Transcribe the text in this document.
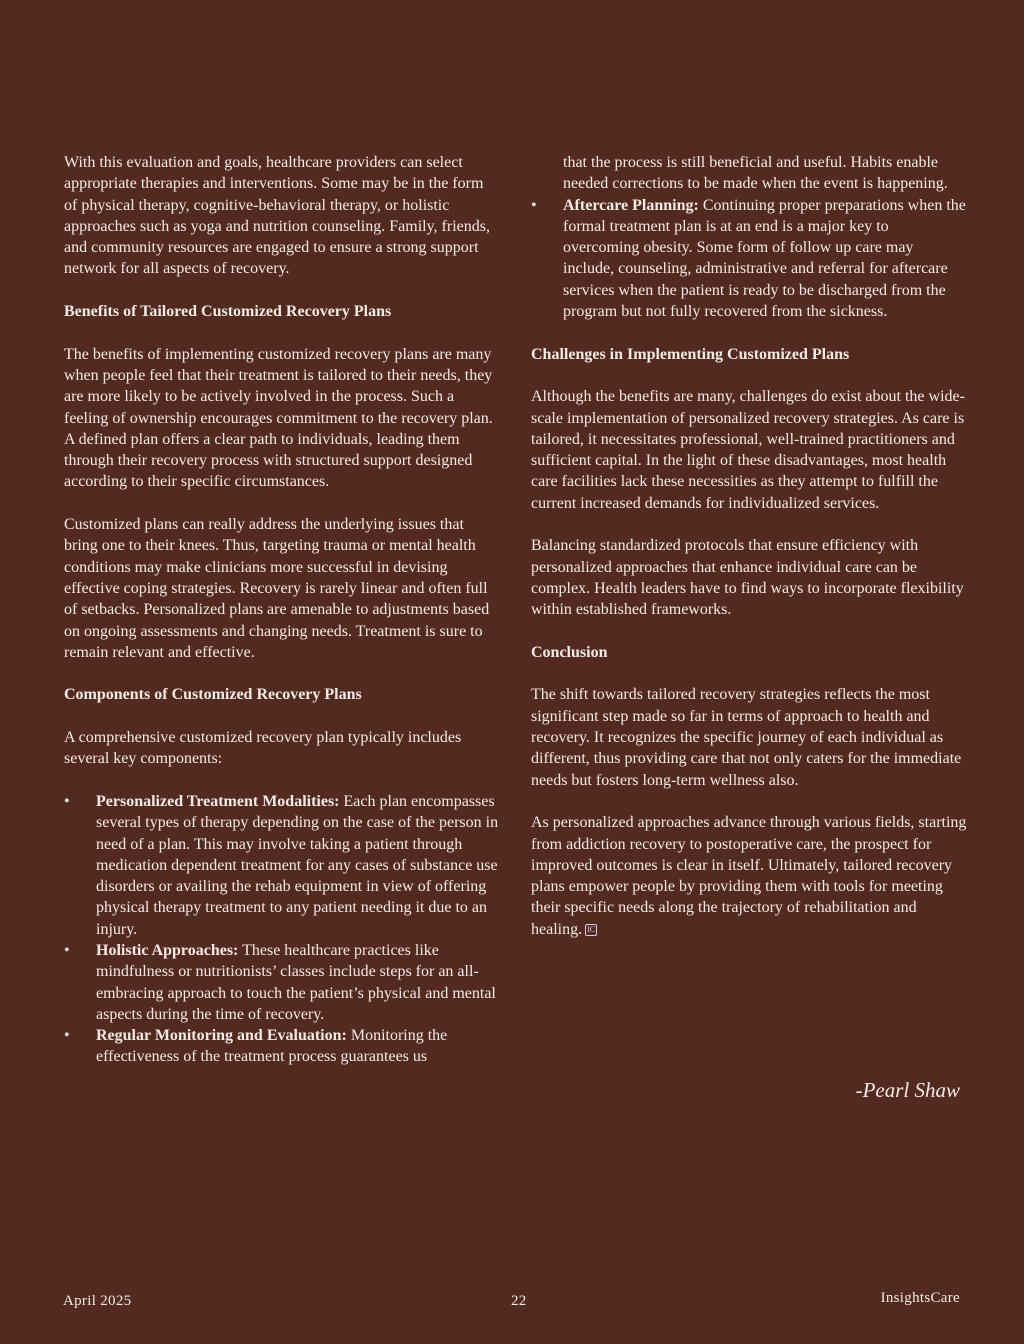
With this evaluation and goals, healthcare providers can select appropriate therapies and interventions. Some may be in the form of physical therapy, cognitive-behavioral therapy, or holistic approaches such as yoga and nutrition counseling. Family, friends, and community resources are engaged to ensure a strong support network for all aspects of recovery.

Benefits of Tailored Customized Recovery Plans

The benefits of implementing customized recovery plans are many when people feel that their treatment is tailored to their needs, they are more likely to be actively involved in the process. Such a feeling of ownership encourages commitment to the recovery plan. A defined plan offers a clear path to individuals, leading them through their recovery process with structured support designed according to their specific circumstances.

Customized plans can really address the underlying issues that bring one to their knees. Thus, targeting trauma or mental health conditions may make clinicians more successful in devising effective coping strategies. Recovery is rarely linear and often full of setbacks. Personalized plans are amenable to adjustments based on ongoing assessments and changing needs. Treatment is sure to remain relevant and effective.

Components of Customized Recovery Plans

A comprehensive customized recovery plan typically includes several key components:

• Personalized Treatment Modalities: Each plan encompasses several types of therapy depending on the case of the person in need of a plan. This may involve taking a patient through medication dependent treatment for any cases of substance use disorders or availing the rehab equipment in view of offering physical therapy treatment to any patient needing it due to an injury.
• Holistic Approaches: These healthcare practices like mindfulness or nutritionists’ classes include steps for an all-embracing approach to touch the patient’s physical and mental aspects during the time of recovery.
• Regular Monitoring and Evaluation: Monitoring the effectiveness of the treatment process guarantees us

that the process is still beneficial and useful. Habits enable needed corrections to be made when the event is happening.

• Aftercare Planning: Continuing proper preparations when the formal treatment plan is at an end is a major key to overcoming obesity. Some form of follow up care may include, counseling, administrative and referral for aftercare services when the patient is ready to be discharged from the program but not fully recovered from the sickness.
Challenges in Implementing Customized Plans

Although the benefits are many, challenges do exist about the wide-scale implementation of personalized recovery strategies. As care is tailored, it necessitates professional, well-trained practitioners and sufficient capital. In the light of these disadvantages, most health care facilities lack these necessities as they attempt to fulfill the current increased demands for individualized services.

Balancing standardized protocols that ensure efficiency with personalized approaches that enhance individual care can be complex. Health leaders have to find ways to incorporate flexibility within established frameworks.

Conclusion

The shift towards tailored recovery strategies reflects the most significant step made so far in terms of approach to health and recovery. It recognizes the specific journey of each individual as different, thus providing care that not only caters for the immediate needs but fosters long-term wellness also.

As personalized approaches advance through various fields, starting from addiction recovery to postoperative care, the prospect for improved outcomes is clear in itself. Ultimately, tailored recovery plans empower people by providing them with tools for meeting their specific needs along the trajectory of rehabilitation and healing. IC

-Pearl Shaw
April 2025	22	InsightsCare
